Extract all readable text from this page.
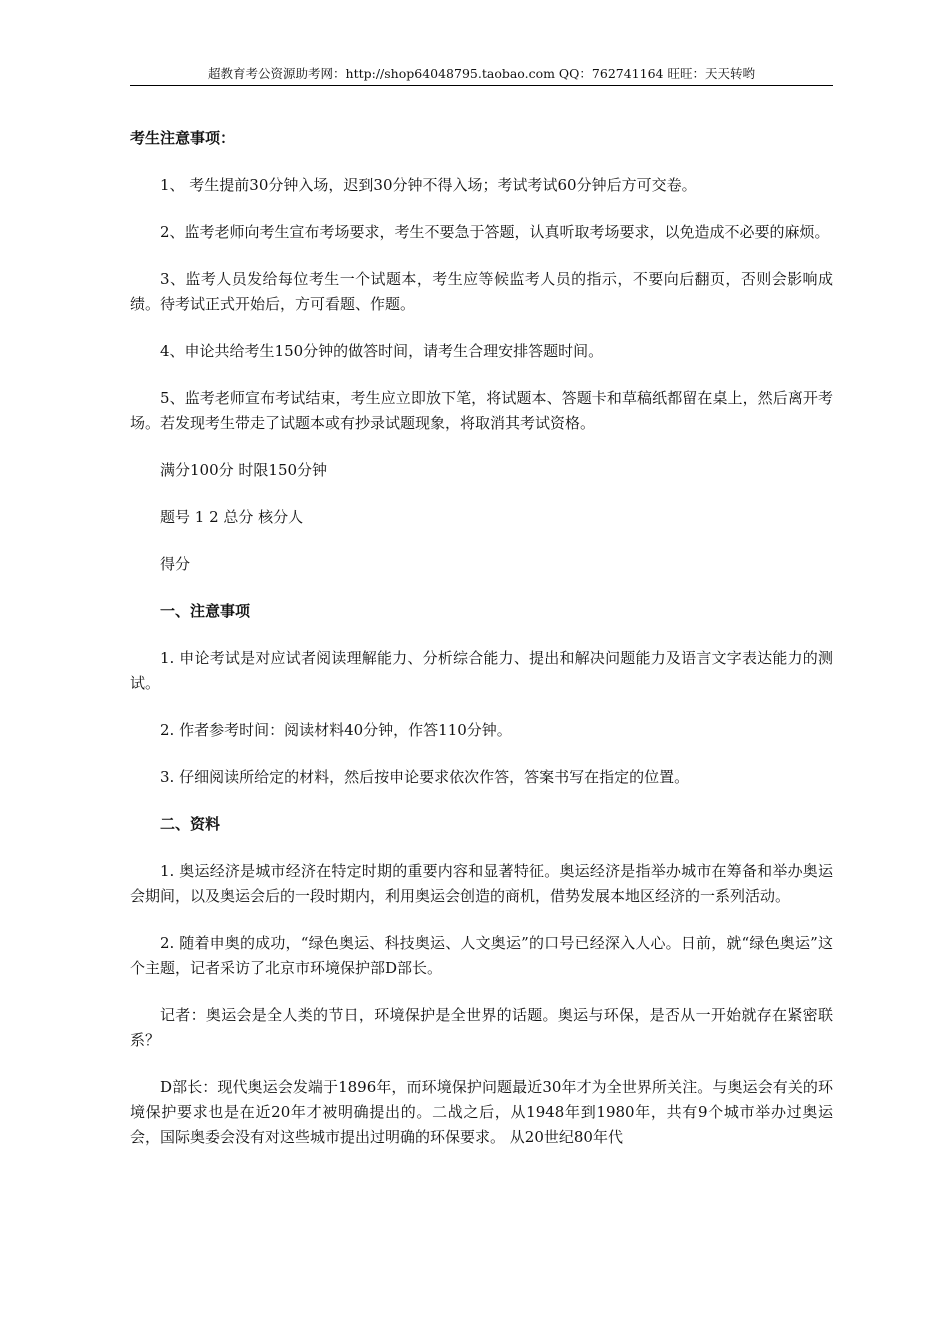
超教育考公资源助考网：http://shop64048795.taobao.com QQ：762741164 旺旺：天天转哟

考生注意事项：

1、 考生提前30分钟入场，迟到30分钟不得入场；考试考试60分钟后方可交卷。

2、监考老师向考生宣布考场要求，考生不要急于答题，认真听取考场要求，以免造成不必要的麻烦。

3、监考人员发给每位考生一个试题本，考生应等候监考人员的指示，不要向后翻页，否则会影响成绩。待考试正式开始后，方可看题、作题。

4、申论共给考生150分钟的做答时间，请考生合理安排答题时间。

5、监考老师宣布考试结束，考生应立即放下笔，将试题本、答题卡和草稿纸都留在桌上，然后离开考场。若发现考生带走了试题本或有抄录试题现象，将取消其考试资格。

满分100分 时限150分钟

题号 1 2 总分 核分人

得分

一、注意事项

1. 申论考试是对应试者阅读理解能力、分析综合能力、提出和解决问题能力及语言文字表达能力的测试。

2. 作者参考时间：阅读材料40分钟，作答110分钟。

3. 仔细阅读所给定的材料，然后按申论要求依次作答，答案书写在指定的位置。

二、资料

1. 奥运经济是城市经济在特定时期的重要内容和显著特征。奥运经济是指举办城市在筹备和举办奥运会期间，以及奥运会后的一段时期内，利用奥运会创造的商机，借势发展本地区经济的一系列活动。

2. 随着申奥的成功，“绿色奥运、科技奥运、人文奥运”的口号已经深入人心。日前，就“绿色奥运”这个主题，记者采访了北京市环境保护部D部长。

记者：奥运会是全人类的节日，环境保护是全世界的话题。奥运与环保，是否从一开始就存在紧密联系？

D部长：现代奥运会发端于1896年，而环境保护问题最近30年才为全世界所关注。与奥运会有关的环境保护要求也是在近20年才被明确提出的。二战之后，从1948年到1980年，共有9个城市举办过奥运会，国际奥委会没有对这些城市提出过明确的环保要求。 从20世纪80年代
